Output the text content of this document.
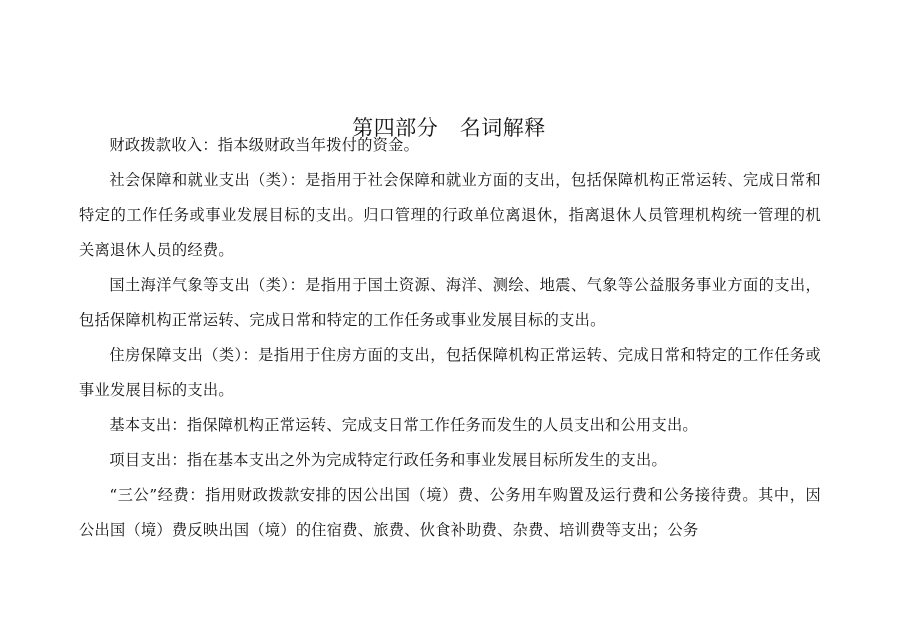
第四部分　名词解释

财政拨款收入：指本级财政当年拨付的资金。

社会保障和就业支出（类）：是指用于社会保障和就业方面的支出，包括保障机构正常运转、完成日常和特定的工作任务或事业发展目标的支出。归口管理的行政单位离退休，指离退休人员管理机构统一管理的机关离退休人员的经费。

国土海洋气象等支出（类）：是指用于国土资源、海洋、测绘、地震、气象等公益服务事业方面的支出，包括保障机构正常运转、完成日常和特定的工作任务或事业发展目标的支出。

住房保障支出（类）：是指用于住房方面的支出，包括保障机构正常运转、完成日常和特定的工作任务或事业发展目标的支出。

基本支出：指保障机构正常运转、完成支日常工作任务而发生的人员支出和公用支出。

项目支出：指在基本支出之外为完成特定行政任务和事业发展目标所发生的支出。

“三公”经费：指用财政拨款安排的因公出国（境）费、公务用车购置及运行费和公务接待费。其中，因公出国（境）费反映出国（境）的住宿费、旅费、伙食补助费、杂费、培训费等支出；公务
